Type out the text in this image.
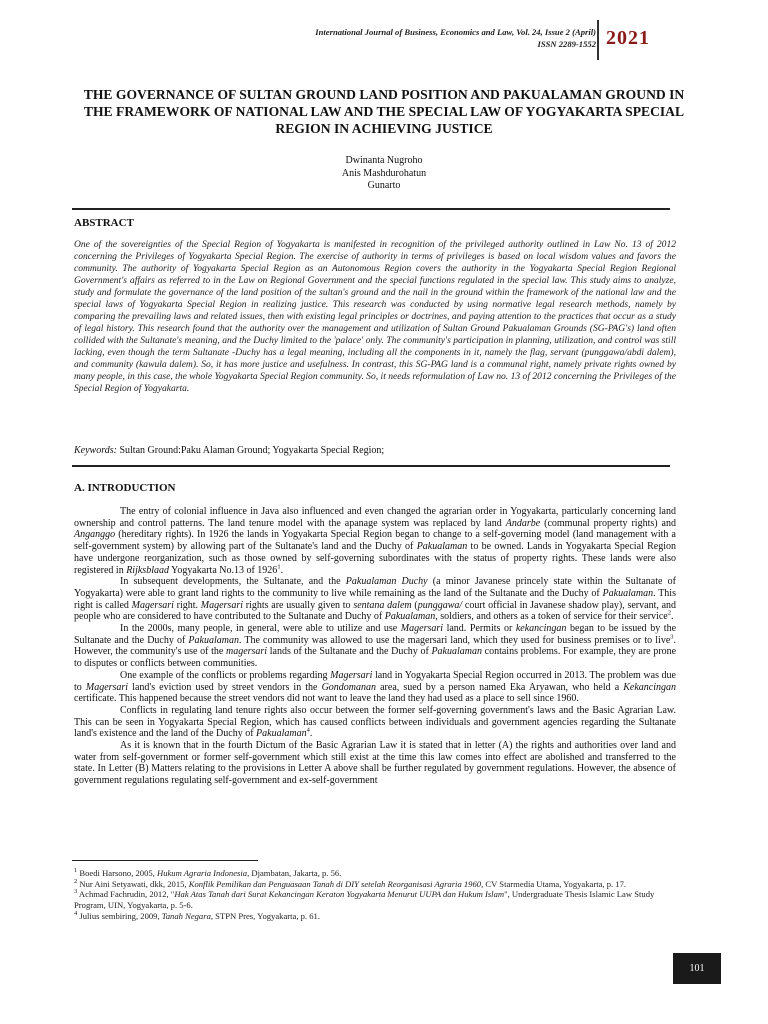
International Journal of Business, Economics and Law, Vol. 24, Issue 2 (April)
ISSN 2289-1552 2021
THE GOVERNANCE OF SULTAN GROUND LAND POSITION AND PAKUALAMAN GROUND IN THE FRAMEWORK OF NATIONAL LAW AND THE SPECIAL LAW OF YOGYAKARTA SPECIAL REGION IN ACHIEVING JUSTICE
Dwinanta Nugroho
Anis Mashdurohatun
Gunarto
ABSTRACT
One of the sovereignties of the Special Region of Yogyakarta is manifested in recognition of the privileged authority outlined in Law No. 13 of 2012 concerning the Privileges of Yogyakarta Special Region. The exercise of authority in terms of privileges is based on local wisdom values and favors the community. The authority of Yogyakarta Special Region as an Autonomous Region covers the authority in the Yogyakarta Special Region Regional Government's affairs as referred to in the Law on Regional Government and the special functions regulated in the special law. This study aims to analyze, study and formulate the governance of the land position of the sultan's ground and the nail in the ground within the framework of the national law and the special laws of Yogyakarta Special Region in realizing justice. This research was conducted by using normative legal research methods, namely by comparing the prevailing laws and related issues, then with existing legal principles or doctrines, and paying attention to the practices that occur as a study of legal history. This research found that the authority over the management and utilization of Sultan Ground Pakualaman Grounds (SG-PAG's) land often collided with the Sultanate's meaning, and the Duchy limited to the 'palace' only. The community's participation in planning, utilization, and control was still lacking, even though the term Sultanate -Duchy has a legal meaning, including all the components in it, namely the flag, servant (punggawa/abdi dalem), and community (kawula dalem). So, it has more justice and usefulness. In contrast, this SG-PAG land is a communal right, namely private rights owned by many people, in this case, the whole Yogyakarta Special Region community. So, it needs reformulation of Law no. 13 of 2012 concerning the Privileges of the Special Region of Yogyakarta.
Keywords: Sultan Ground:Paku Alaman Ground; Yogyakarta Special Region;
A. INTRODUCTION

The entry of colonial influence in Java also influenced and even changed the agrarian order in Yogyakarta, particularly concerning land ownership and control patterns. The land tenure model with the apanage system was replaced by land Andarbe (communal property rights) and Anganggo (hereditary rights). In 1926 the lands in Yogyakarta Special Region began to change to a self-governing model (land management with a self-government system) by allowing part of the Sultanate's land and the Duchy of Pakualaman to be owned. Lands in Yogyakarta Special Region have undergone reorganization, such as those owned by self-governing subordinates with the status of property rights. These lands were also registered in Rijksblaad Yogyakarta No.13 of 1926$^1$.

In subsequent developments, the Sultanate, and the Pakualaman Duchy (a minor Javanese princely state within the Sultanate of Yogyakarta) were able to grant land rights to the community to live while remaining as the land of the Sultanate and the Duchy of Pakualaman. This right is called Magersari right. Magersari rights are usually given to sentana dalem (punggawa/ court official in Javanese shadow play), servant, and people who are considered to have contributed to the Sultanate and Duchy of Pakualaman, soldiers, and others as a token of service for their service$^2$.

In the 2000s, many people, in general, were able to utilize and use Magersari land. Permits or kekancingan began to be issued by the Sultanate and the Duchy of Pakualaman. The community was allowed to use the magersari land, which they used for business premises or to live$^3$. However, the community's use of the magersari lands of the Sultanate and the Duchy of Pakualaman contains problems. For example, they are prone to disputes or conflicts between communities.

One example of the conflicts or problems regarding Magersari land in Yogyakarta Special Region occurred in 2013. The problem was due to Magersari land's eviction used by street vendors in the Gondomanan area, sued by a person named Eka Aryawan, who held a Kekancingan certificate. This happened because the street vendors did not want to leave the land they had used as a place to sell since 1960.

Conflicts in regulating land tenure rights also occur between the former self-governing government's laws and the Basic Agrarian Law. This can be seen in Yogyakarta Special Region, which has caused conflicts between individuals and government agencies regarding the Sultanate land's existence and the land of the Duchy of Pakualaman$^4$.

As it is known that in the fourth Dictum of the Basic Agrarian Law it is stated that in letter (A) the rights and authorities over land and water from self-government or former self-government which still exist at the time this law comes into effect are abolished and transferred to the state. In Letter (B) Matters relating to the provisions in Letter A above shall be further regulated by government regulations. However, the absence of government regulations regulating self-government and ex-self-government

$^1$ Boedi Harsono, 2005, Hukum Agraria Indonesia, Djambatan, Jakarta, p. 56.
$^2$ Nur Aini Setyawati, dkk, 2015, Konflik Pemilikan dan Penguasaan Tanah di DIY setelah Reorganisasi Agraria 1960, CV Starmedia Utama, Yogyakarta, p. 17.
$^3$ Achmad Fachrudin, 2012, "Hak Atas Tanah dari Surat Kekancingan Keraton Yogyakarta Menurut UUPA dan Hukum Islam", Undergraduate Thesis Islamic Law Study Program, UIN, Yogyakarta, p. 5-6.
$^4$ Julius sembiring, 2009, Tanah Negara, STPN Pres, Yogyakarta, p. 61.
101
